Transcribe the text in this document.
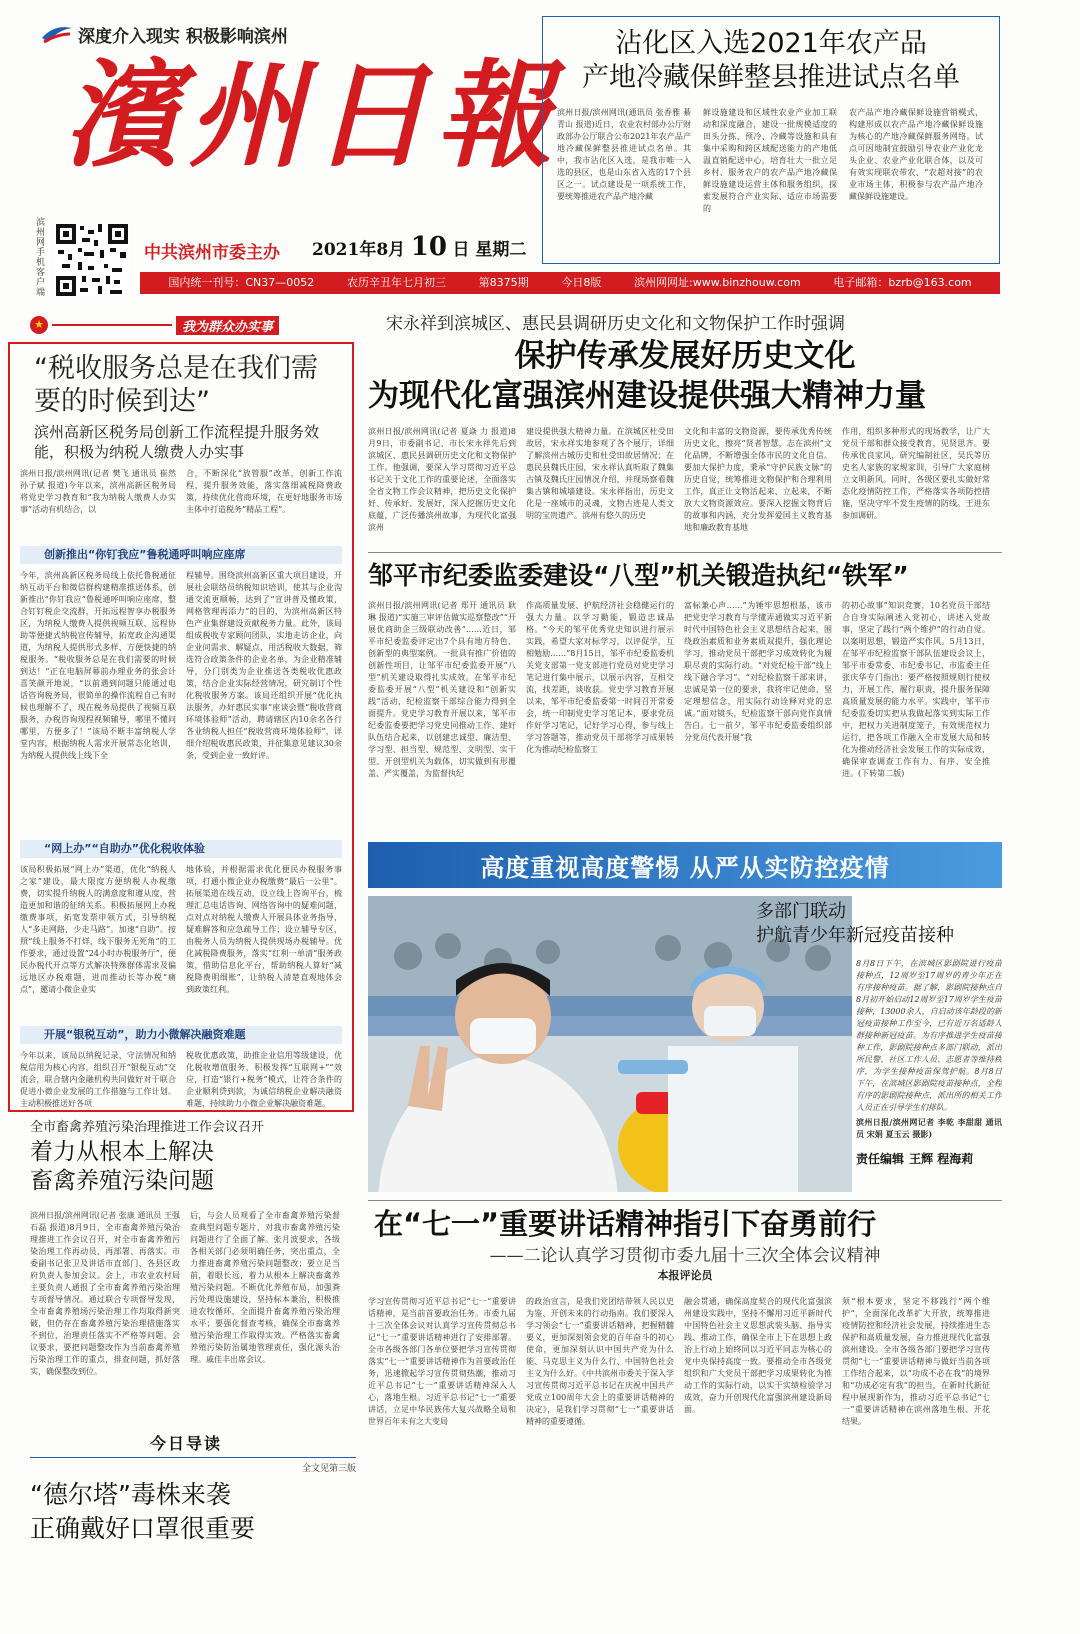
深度介入现实 积极影响滨州
濱州日報
滨州网手机客户端
中共滨州市委主办 2021年8月 10 日 星期二
国内统一刊号：CN37—0052	农历辛丑年七月初三	第8375期	今日8版	滨州网网址:www.binzhouw.com	电子邮箱：bzrb@163.com
沾化区入选2021年农产品
产地冷藏保鲜整县推进试点名单
滨州日报/滨州网讯(通讯员 张香雅 綦青山 报道)近日，农业农村部办公厅财政部办公厅联合公布2021年农产品产地冷藏保鲜整县推进试点名单。其中，我市沾化区入选，是我市唯一入选的县区，也是山东省入选的17个县区之一。试点建设是一项系统工作，要统筹推进农产品产地冷藏
鲜设施建设和区域性农业产业加工联动和深度融合，建设一批规模适度的田头分拣、预冷、冷藏等设施和具有集中采购和跨区域配送能力的产地低温直销配送中心，培育壮大一批立足乡村、服务农户的农产品产地冷藏保鲜设施建设运营主体和服务组织，探索发展符合产业实际、适应市场需要的
农产品产地冷藏保鲜设施营销模式，构建形成以农产品产地冷藏保鲜设施为核心的产地冷藏保鲜服务网络。试点可因地制宜鼓励引导农业产业化龙头企业、农业产业化联合体，以及可有效实现联农带农、“农超对接”的农业市场主体，积极参与农产品产地冷藏保鲜设施建设。
★	我为群众办实事
“税收服务总是在我们需要的时候到达”
滨州高新区税务局创新工作流程提升服务效能，积极为纳税人缴费人办实事
滨州日报/滨州网讯(记者 樊飞 通讯员 崔然 孙子斌 报道)今年以来，滨州高新区税务局将党史学习教育和“我为纳税人缴费人办实事”活动有机结合，以
合，不断深化“放管服”改革，创新工作流程，提升服务效能，落实落细减税降费政策，持续优化营商环境，在更好地服务市场主体中打造税务“精品工程”。
创新推出“你钉我应”鲁税通呼叫响应座席
今年，滨州高新区税务局线上依托鲁税通征纳互动平台和微信群构建精准推送体系，创新推出“你钉我应”鲁税通呼叫响应座席，整合钉钉税企交流群，开拓远程智享办税服务区，为纳税人缴费人提供视频互联、远程协助等便捷式纳税宣传辅导，拓宽政企沟通渠道，为纳税人提供形式多样、方便快捷的纳税服务。“税收服务总是在我们需要的时候到达！”正在电脑屏幕前办理业务的张会计喜笑颜开地说，“以前遇到问题只能通过电话咨询税务局，很简单的操作流程自己有时候也理解不了，现在税务局提供了视频互联服务，办税咨询现程视频辅导，哪里不懂问哪里，方便多了！”该局不断丰富纳税人学堂内容，根据纳税人需求开展常态化培训，为纳税人提供线上线下全
程辅导。围绕滨州高新区重大项目建设，开展社会联络员纳税知识培训，使其与企业沟通交流更顺畅，达到了“宣讲普及懂政策，网格管理再添力”的目的，为滨州高新区特色产业集群建设贡献税务力量。此外，该局组成税收专家顾问团队，实地走访企业，向企业问需求、解疑点，用活税收大数据，筛选符合政策条件的企业名单，为企业精准辅导，分门别类为企业推送各类税收优惠政策，结合企业实际经营情况，研究制订个性化税收服务方案。该局还组织开展“优化执法服务，办好惠民实事”座谈会暨“税收营商环境体验师”活动，聘请辖区内10余名各行各业纳税人担任“税收营商环境体验师”，详细介绍税收惠民政策，并征集意见建议30余条，受到企业一致好评。
“网上办”“自助办”优化税收体验
该局积极拓展“网上办”渠道，优化“纳税人之家”建设，最大限度方便纳税人办税缴费，切实提升纳税人的满意度和遵从度，营造更加和谐的征纳关系。积极拓展网上办税缴费事项，拓宽发票申领方式，引导纳税人“多走网路，少走马路”。加速“自助”。按照“线上服务不打烊，线下服务无死角”的工作要求，通过设置“24小时办税服务厅”，便民办税代开点等方式解决特殊群体需求及偏远地区办税难题，进而推动长等办税“痛点”，邀请小微企业实
地体验，并根据需求优化便民办税服务事项，打通小微企业办税缴费“最后一公里”。拓展渠道在线互动，设立线上咨询平台，梳理汇总电话咨询、网络咨询中的疑难问题，点对点对纳税人缴费人开展具体业务指导，疑难解答和应急疏导工作；设立辅导专区，由税务人员为纳税人提供现场办税辅导。优化减税降费服务，落实“红利一单清”服务政策，借助信息化平台，帮助纳税人算好“减税降费明细账”，让纳税人清楚直观地体会到政策红利。
开展“银税互动”，助力小微解决融资难题
今年以来，该局以纳税记录、守法情况和纳税信用为核心内容，组织召开“银税互动”交流会，联合辖内金融机构共同做好对于联合促进小微企业发展的工作措施与工作计划。主动积极推送好各项
税收优惠政策，助推企业信用等级建设，优化税收增值服务，积极发挥“互联网+”“效应，打造“银行+税务”模式，让符合条件的企业顺利贷到款，为诚信纳税企业解决融资难题，持续助力小微企业解决融资难题。
宋永祥到滨城区、惠民县调研历史文化和文物保护工作时强调
保护传承发展好历史文化
为现代化富强滨州建设提供强大精神力量
滨州日报/滨州网讯(记者 夏焱 力 报道)8月9日，市委副书记、市长宋永祥先后到滨城区、惠民县调研历史文化和文物保护工作。他强调，要深入学习贯彻习近平总书记关于文化工作的重要论述，全面落实全省文物工作会议精神，把历史文化保护好、传承好、发展好，深入挖掘历史文化底蕴，广泛传播滨州故事，为现代化富强滨州
建设提供强大精神力量。在滨城区杜受田故居，宋永祥实地参观了各个展厅，详细了解滨州古城历史和杜受田故居情况；在惠民县魏氏庄园，宋永祥认真听取了魏集古镇及魏氏庄园情况介绍，并现场察看魏集古镇和城墙建设。宋永祥指出，历史文化是一座城市的灵魂，文物古迹是人类文明的宝贵遗产。滨州有悠久的历史
文化和丰富的文物资源，要传承优秀传统历史文化，擦亮“贤者智慧，志在滨州”文化品牌，不断增强全体市民的文化自信。要加大保护力度，秉承“守护民族文脉”的历史自觉，统筹推进文物保护和合理利用工作，真正让文物活起来、立起来，不断放大文物资源效应。要深入挖掘文物背后的故事和内涵，充分发挥爱国主义教育基地和廉政教育基地
作用，组织多种形式的现场教学，让广大党员干部和群众接受教育，见贤思齐。要传承优良家风，研究编制社区，吴氏等历史名人家族的家规家训，引导广大家庭树立文明新风。同时，各级区要扎实做好常态化疫情防控工作，严格落实各项防控措施，坚决守牢不发生疫情的防线。王进东参加调研。
邹平市纪委监委建设“八型”机关锻造执纪“铁军”
滨州日报/滨州网讯(记者 郑开 通讯员 耿琳 报道)“实施三审评估做实巡察整改”“开展优商助企三级联动改善”……近日，邹平市纪委监委评定出7个具有地方特色、创新型的典型案例。一批具有推广价值的创新性项目，让邹平市纪委监委开展“八型”机关建设取得扎实成效。在邹平市纪委监委开展“八型”机关建设和“创新实践”活动，纪检监察干部综合能力得到全面提升。党史学习教育开展以来，邹平市纪委监委要把学习党史同推动工作、建好队伍结合起来，以创建忠诚型、廉洁型、学习型、担当型、规范型、文明型、实干型、开创型机关为载体，切实做到有形覆盖、严实覆盖，为监督执纪
作高质量发展、护航经济社会稳健运行的强大力量。以学习勤能，锻造忠诚品格。“今天的邹平优秀党史知识进行展示实践，希望大家对标学习，以评促学，互相勉励……”8月15日，邹平市纪委监委机关党支部第一党支部进行党员对党史学习笔记进行集中展示，以展示内容，互相交流，找差距，谈收获。党史学习教育开展以来，邹平市纪委监委第一时间召开常委会，统一印制党史学习笔记本，要求党员作好学习笔记，记好学习心得，参与线上学习答题等，推动党员干部将学习成果转化为推动纪检监察工
富标兼心声……”为锤牢思想根基，该市把党史学习教育与学懂弄通做实习近平新时代中国特色社会主义思想结合起来，围绕政治素质和业务素质双提升，强化理论学习，推动党员干部把学习成效转化为履职尽责的实际行动。“对党纪检干部“线上线下融合学习”。“对纪检监察干部来讲，忠诚是第一位的要求，我将牢记使命、坚定理想信念，用实际行动诠释对党的忠诚。”面对镜头，纪检监察干部向党作真情告白。七一前夕，邹平市纪委监委组织部分党员代表开展”我
的初心故事”知识竞赛，10名党员干部结合自身实际阐述入党初心，讲述入党故事，坚定了践行“两个维护”的行动自觉。以案明思想，锻造严实作风。5月13日，在邹平市纪检监察干部队伍建设会议上，邹平市委常委、市纪委书记、市监委主任张庆华专门指出：要严格按照规则行使权力，开展工作，履行职责，提升服务保障高质量发展的能力水平。实践中，邹平市纪委监委切实把从我做起落实到实际工作中，把权力关进制度笼子，有效规范权力运行，把各项工作融入全市发展大局和转化为推动经济社会发展工作的实际成效，确保审查调查工作有力、有序、安全推进。(下转第二版)
高度重视高度警惕 从严从实防控疫情
多部门联动
护航青少年新冠疫苗接种
8月8日下午，在滨城区影剧院进行疫苗接种点，12周岁至17周岁的青少年正在有序接种疫苗。据了解，影剧院接种点自8月初开始启动12周岁至17周岁学生疫苗接种，13000余人，自启动该年龄段的新冠疫苗接种工作至今，已有近万名适龄人群接种新冠疫苗。为有序推进学生疫苗接种工作，影剧院接种点多部门联动，派出所民警、社区工作人员、志愿者等维持秩序，为学生接种疫苗保驾护航。8月8日下午，在滨城区影剧院疫苗接种点，全程有序的影剧院接种点，派出所的相关工作人员正在引导学生们排队。
滨州日报/滨州网记者 李乾 李甜甜 通讯员 宋娟 夏玉云 摄影)
责任编辑 王辉 程海莉
在“七一”重要讲话精神指引下奋勇前行
——二论认真学习贯彻市委九届十三次全体会议精神
本报评论员
学习宣传贯彻习近平总书记“七一”重要讲话精神，是当前首要政治任务。市委九届十三次全体会议对认真学习宣传贯彻总书记“七一”重要讲话精神进行了安排部署。全市各级各部门各单位要把学习宣传贯彻落实“七一”重要讲话精神作为首要政治任务，迅速掀起学习宣传贯彻热潮，推动习近平总书记“七一”重要讲话精神深入人心，落地生根。习近平总书记“七一”重要讲话，立足中华民族伟大复兴战略全局和世界百年未有之大变局
的政治宣言，是我们党团结带领人民以史为鉴、开创未来的行动指南。我们要深入学习领会“七一”重要讲话精神，把握精髓要义，更加深刻领会党的百年奋斗的初心使命，更加深刻认识中国共产党为什么能、马克思主义为什么行、中国特色社会主义为什么好。《中共滨州市委关于深入学习宣传贯彻习近平总书记在庆祝中国共产党成立100周年大会上的重要讲话精神的决定》，是我们学习贯彻“七一”重要讲话精神的重要遵循。
融会贯通，确保高度契合的现代化富强滨州建设实践中，坚持不懈用习近平新时代中国特色社会主义思想武装头脑、指导实践、推动工作，确保全市上下在思想上政治上行动上始终同以习近平同志为核心的党中央保持高度一致。要推动全市各级党组织和广大党员干部把学习成果转化为推动工作的实际行动，以实干实绩检验学习成效，奋力开创现代化富强滨州建设新局面。
须“根本要求，坚定不移践行”两个维护“，全面深化改革扩大开放，统筹推进疫情防控和经济社会发展，持续推进生态保护和高质量发展，奋力推进现代化富强滨州建设。全市各级各部门要把学习宣传贯彻“七一”重要讲话精神与做好当前各项工作结合起来，以“功成不必在我”的境界和“功成必定有我”的担当，在新时代新征程中展现新作为，推动习近平总书记“七一”重要讲话精神在滨州落地生根、开花结果。
全市畜禽养殖污染治理推进工作会议召开
着力从根本上解决
畜禽养殖污染问题
滨州日报/滨州网讯(记者 张康 通讯员 王强 石磊 报道)8月9日，全市畜禽养殖污染治理推进工作会议召开，对全市畜禽养殖污染治理工作再动员、再部署、再落实。市委副书记张卫及讲话市直部门、各县区政府负责人参加会议。会上，市农业农村局主要负责人通报了全市畜禽养殖污染治理专项督导情况。通过联合专项督导发现，全市畜禽养殖场污染治理工作均取得新突破，但仍存在畜禽养殖污染治理措施落实不到位，治理责任落实不严格等问题。会议要求，要把问题整改作为当前畜禽养殖污染治理工作的重点，排查问题，抓好落实，确保整改到位。
后，与会人员观看了全市畜禽养殖污染督查典型问题专题片，对我市畜禽养殖污染问题进行了全面了解。张月波要求，各级各相关部门必须明确任务，突出重点，全力推进畜禽养殖污染问题整改；要立足当前，着眼长远，着力从根本上解决畜禽养殖污染问题。不断优化养殖布局，加强粪污处理设施建设，坚持标本兼治，积极推进农牧循环，全面提升畜禽养殖污染治理水平；要强化督查考核，确保全市畜禽养殖污染治理工作取得实效。严格落实畜禽养殖污染防治属地管理责任，强化源头治理。戚佳丰出席会议。
今日导读
全文见第三版
“德尔塔”毒株来袭
正确戴好口罩很重要
